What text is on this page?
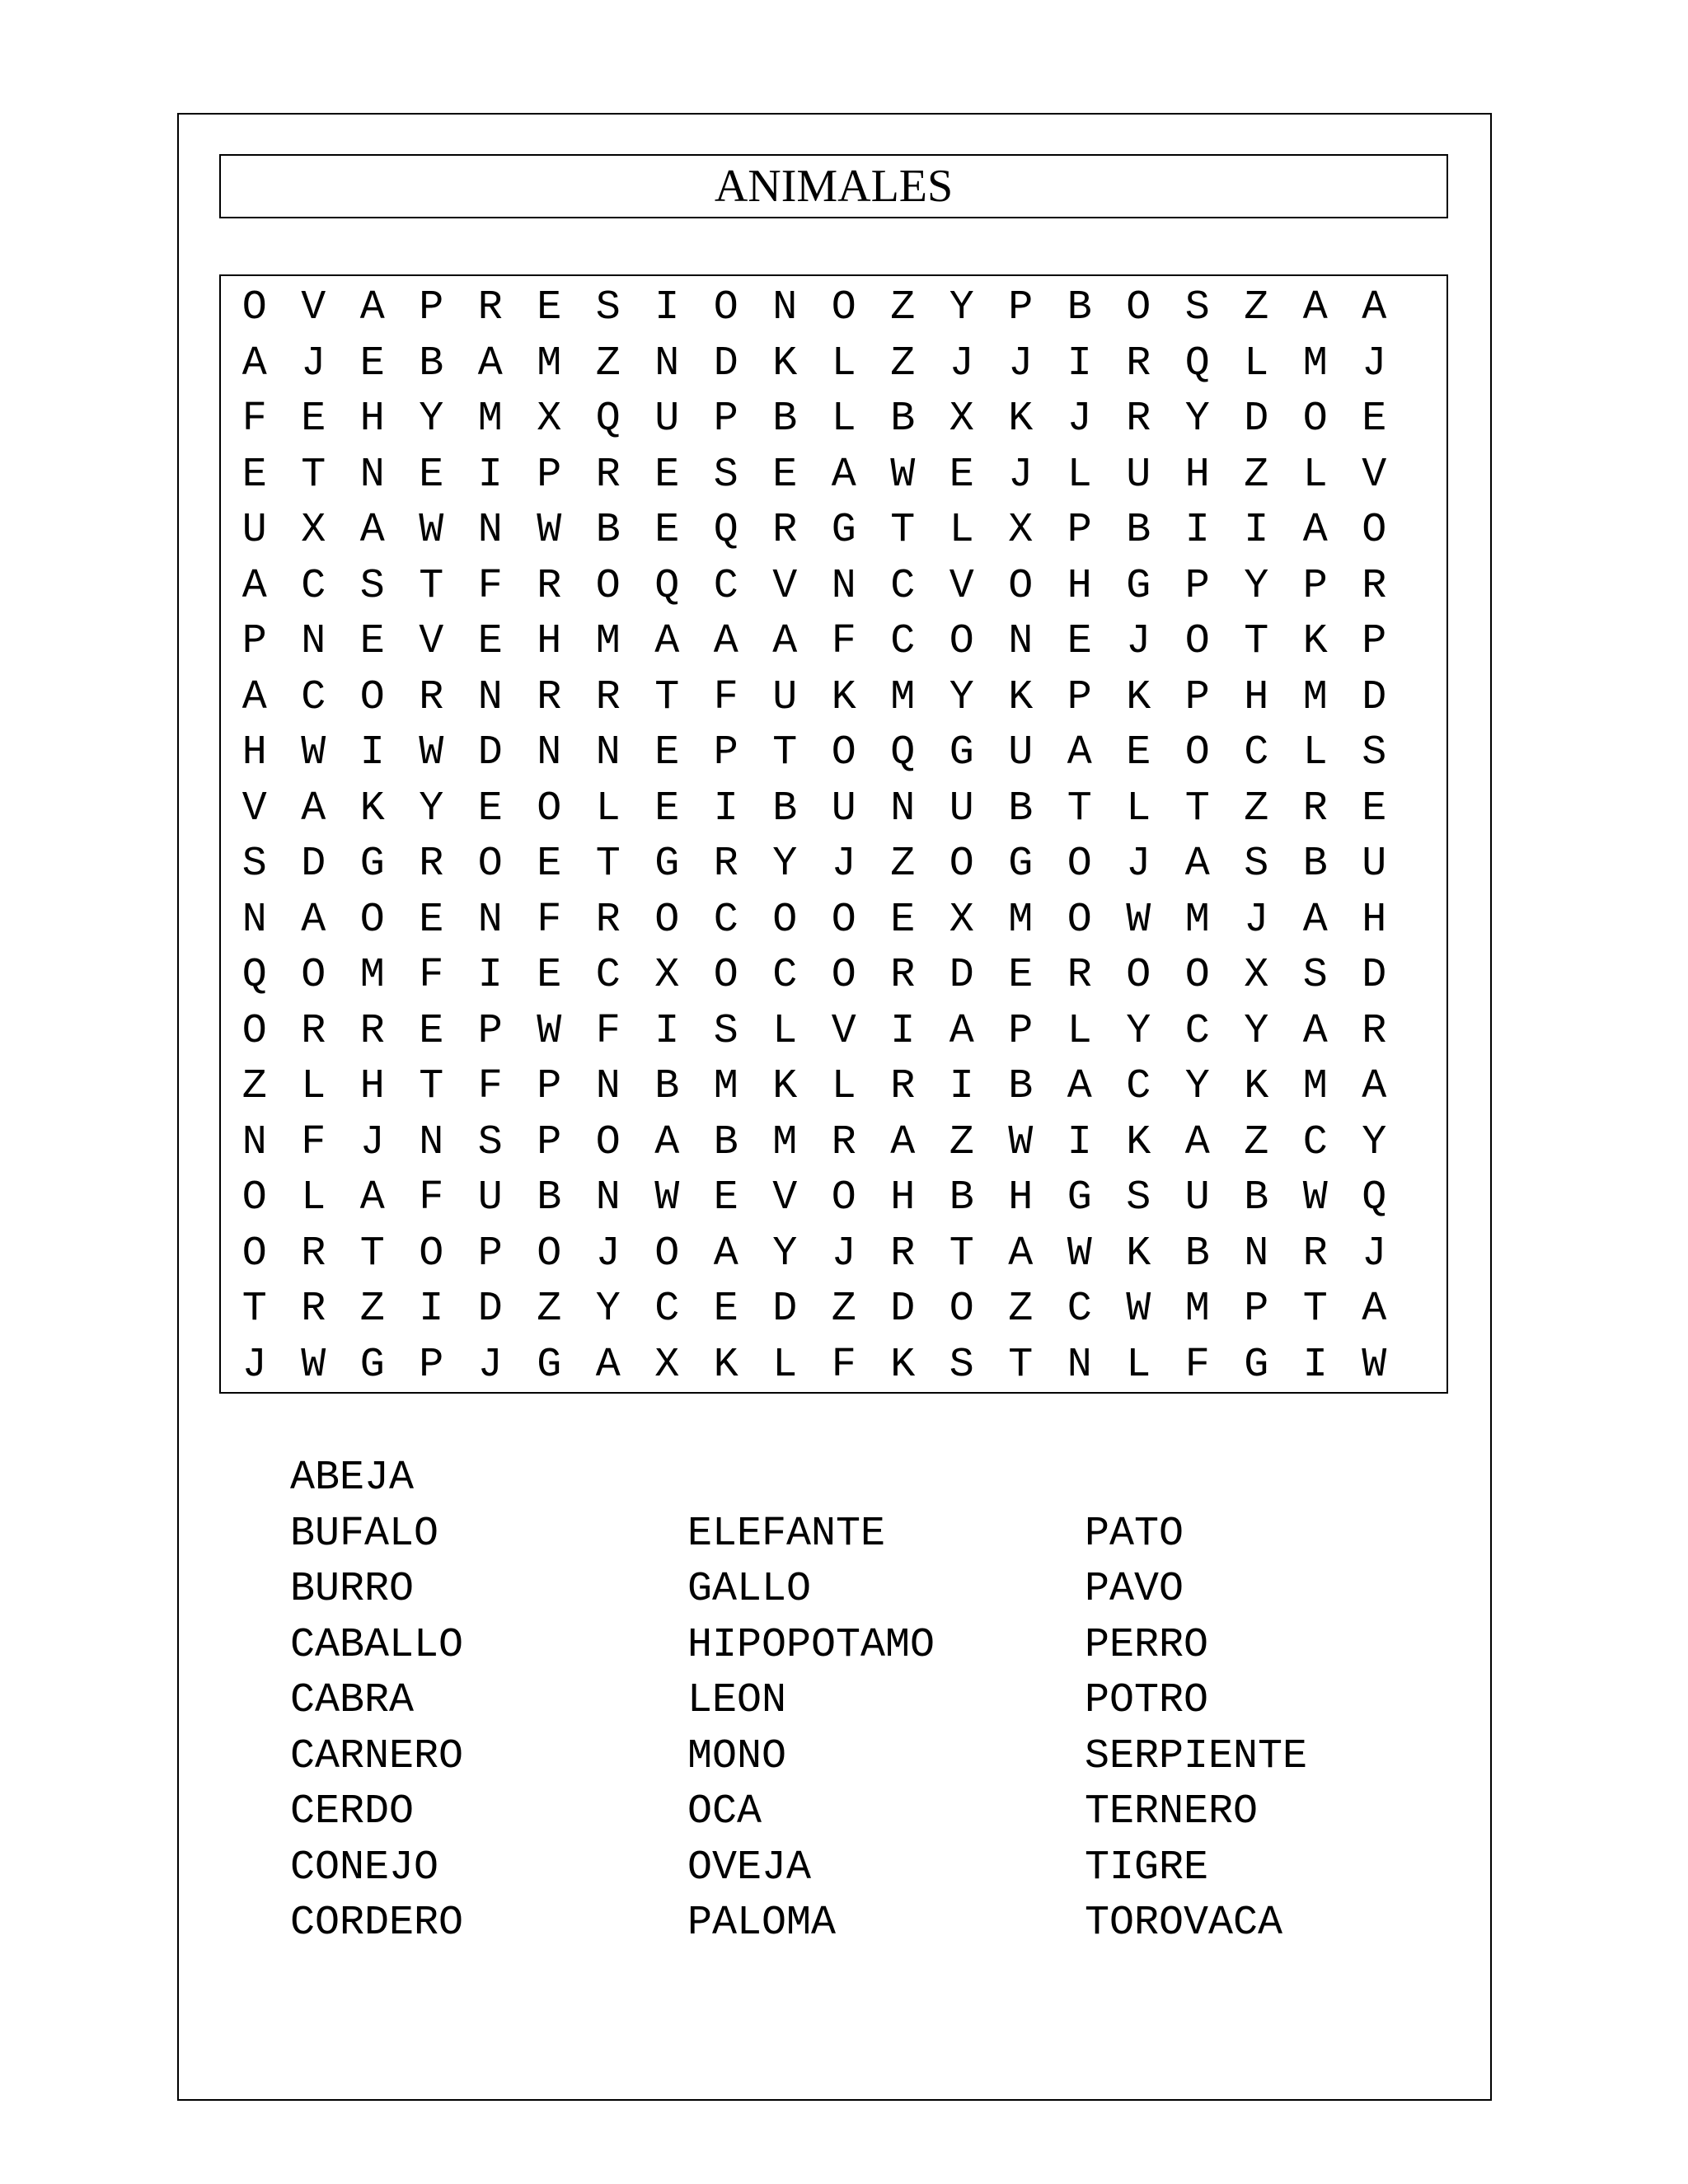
ANIMALES
O V A P R E S I O N O Z Y P B O S Z A A
A J E B A M Z N D K L Z J J I R Q L M J
F E H Y M X Q U P B L B X K J R Y D O E
E T N E I P R E S E A W E J L U H Z L V
U X A W N W B E Q R G T L X P B I I A O
A C S T F R O Q C V N C V O H G P Y P R
P N E V E H M A A A F C O N E J O T K P
A C O R N R R T F U K M Y K P K P H M D
H W I W D N N E P T O Q G U A E O C L S
V A K Y E O L E I B U N U B T L T Z R E
S D G R O E T G R Y J Z O G O J A S B U
N A O E N F R O C O O E X M O W M J A H
Q O M F I E C X O C O R D E R O O X S D
O R R E P W F I S L V I A P L Y C Y A R
Z L H T F P N B M K L R I B A C Y K M A
N F J N S P O A B M R A Z W I K A Z C Y
O L A F U B N W E V O H B H G S U B W Q
O R T O P O J O A Y J R T A W K B N R J
T R Z I D Z Y C E D Z D O Z C W M P T A
J W G P J G A X K L F K S T N L F G I W
ABEJA
BUFALO
BURRO
CABALLO
CABRA
CARNERO
CERDO
CONEJO
CORDERO
ELEFANTE
GALLO
HIPOPOTAMO
LEON
MONO
OCA
OVEJA
PALOMA
PATO
PAVO
PERRO
POTRO
SERPIENTE
TERNERO
TIGRE
TOROVACA
